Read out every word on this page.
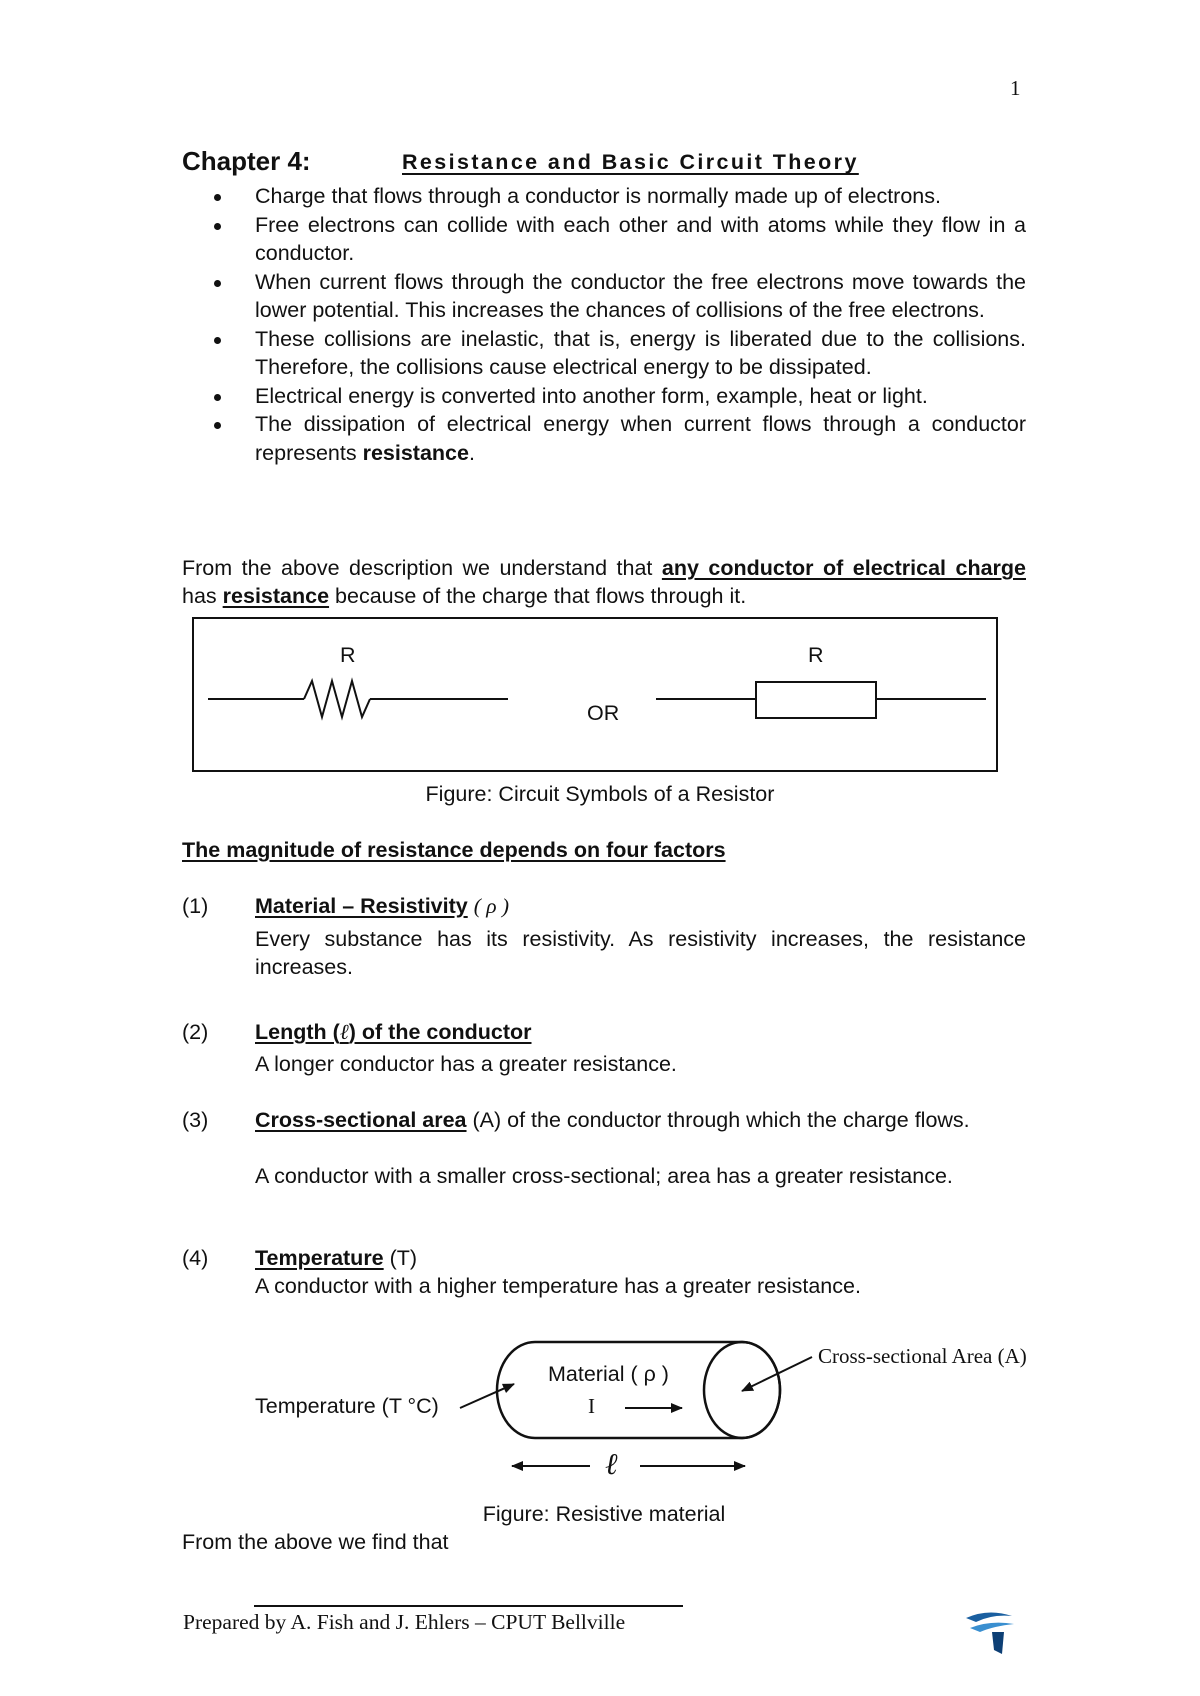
1
Chapter 4:	Resistance and Basic Circuit Theory
Charge that flows through a conductor is normally made up of electrons.
Free electrons can collide with each other and with atoms while they flow in a conductor.
When current flows through the conductor the free electrons move towards the lower potential. This increases the chances of collisions of the free electrons.
These collisions are inelastic, that is, energy is liberated due to the collisions. Therefore, the collisions cause electrical energy to be dissipated.
Electrical energy is converted into another form, example, heat or light.
The dissipation of electrical energy when current flows through a conductor represents resistance.
From the above description we understand that any conductor of electrical charge has resistance because of the charge that flows through it.
R	R
OR
Figure: Circuit Symbols of a Resistor
The magnitude of resistance depends on four factors
(1) Material – Resistivity ( ρ )
Every substance has its resistivity. As resistivity increases, the resistance increases.
(2) Length (ℓ) of the conductor
A longer conductor has a greater resistance.
(3) Cross-sectional area (A) of the conductor through which the charge flows.
A conductor with a smaller cross-sectional; area has a greater resistance.
(4) Temperature (T)
A conductor with a higher temperature has a greater resistance.
Material ( ρ )
I
Temperature (T °C)
Cross-sectional Area (A)
ℓ
Figure: Resistive material
From the above we find that
Prepared by A. Fish and J. Ehlers – CPUT Bellville
